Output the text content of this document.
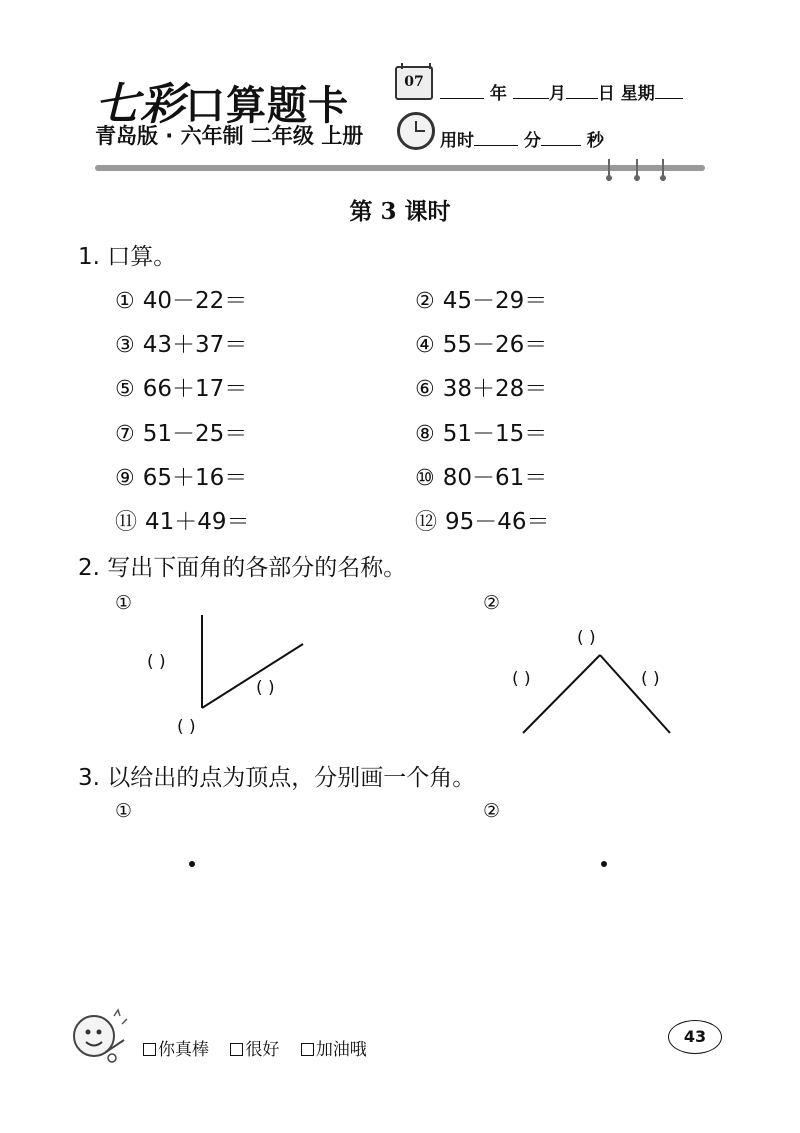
七彩口算题卡
青岛版 · 六年制 二年级 上册
07
年 月 日 星期
用时	分	秒
第 3 课时
1. 口算。
① 40－22＝	② 45－29＝
③ 43＋37＝	④ 55－26＝
⑤ 66＋17＝	⑥ 38＋28＝
⑦ 51－25＝	⑧ 51－15＝
⑨ 65＋16＝	⑩ 80－61＝
⑪ 41＋49＝	⑫ 95－46＝
2. 写出下面角的各部分的名称。
①	②
( )
( )
( )
( )
( )	( )
3. 以给出的点为顶点，分别画一个角。
①	②
你真棒 很好 加油哦
43
